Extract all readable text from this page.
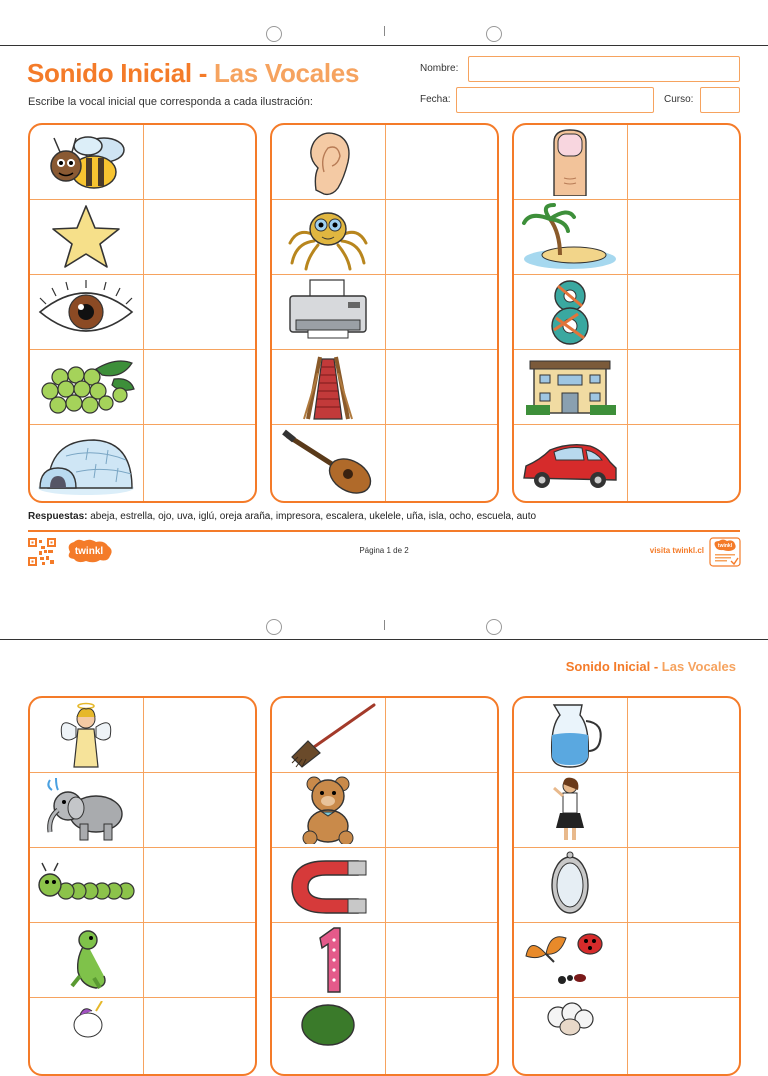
Sonido Inicial - Las Vocales
Escribe la vocal inicial que corresponda a cada ilustración:
Nombre:
Fecha:	Curso:
Respuestas: abeja, estrella, ojo, uva, iglú, oreja araña, impresora, escalera, ukelele, uña, isla, ocho, escuela, auto
twinkl	Página 1 de 2	visita twinkl.cl	twinkl
Sonido Inicial - Las Vocales
